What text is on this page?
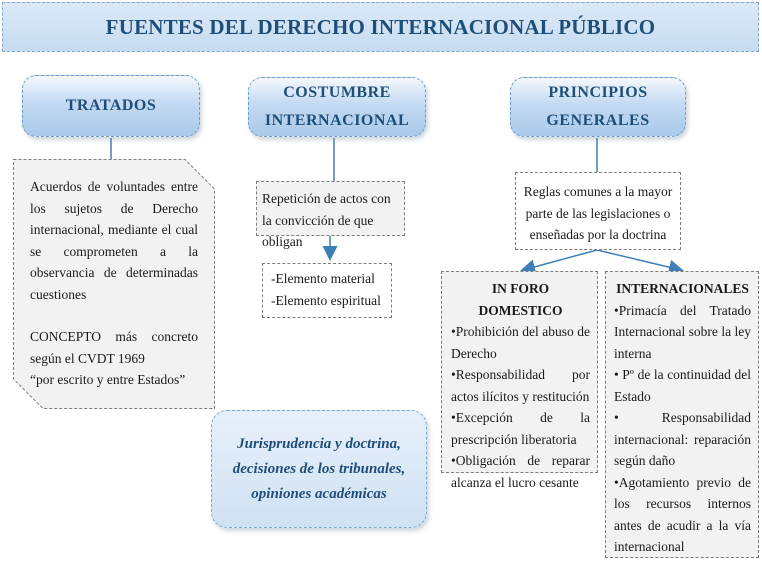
FUENTES DEL DERECHO INTERNACIONAL PÚBLICO
TRATADOS
Acuerdos de voluntades entre los sujetos de Derecho internacional, mediante el cual se comprometen a la observancia de determinadas cuestiones
CONCEPTO más concreto según el CVDT 1969
“por escrito y entre Estados”
COSTUMBRE
INTERNACIONAL
Repetición de actos con la convicción de que obligan
-Elemento material
-Elemento espiritual
PRINCIPIOS
GENERALES
Reglas comunes a la mayor parte de las legislaciones o enseñadas por la doctrina
IN FORO
DOMESTICO
•Prohibición del abuso de Derecho
•Responsabilidad por actos ilícitos y restitución
•Excepción de la prescripción liberatoria
•Obligación de reparar alcanza el lucro cesante
INTERNACIONALES
•Primacía del Tratado Internacional sobre la ley interna
• Pº de la continuidad del Estado
• Responsabilidad internacional: reparación según daño
•Agotamiento previo de los recursos internos antes de acudir a la vía internacional
Jurisprudencia y doctrina, decisiones de los tribunales, opiniones académicas
